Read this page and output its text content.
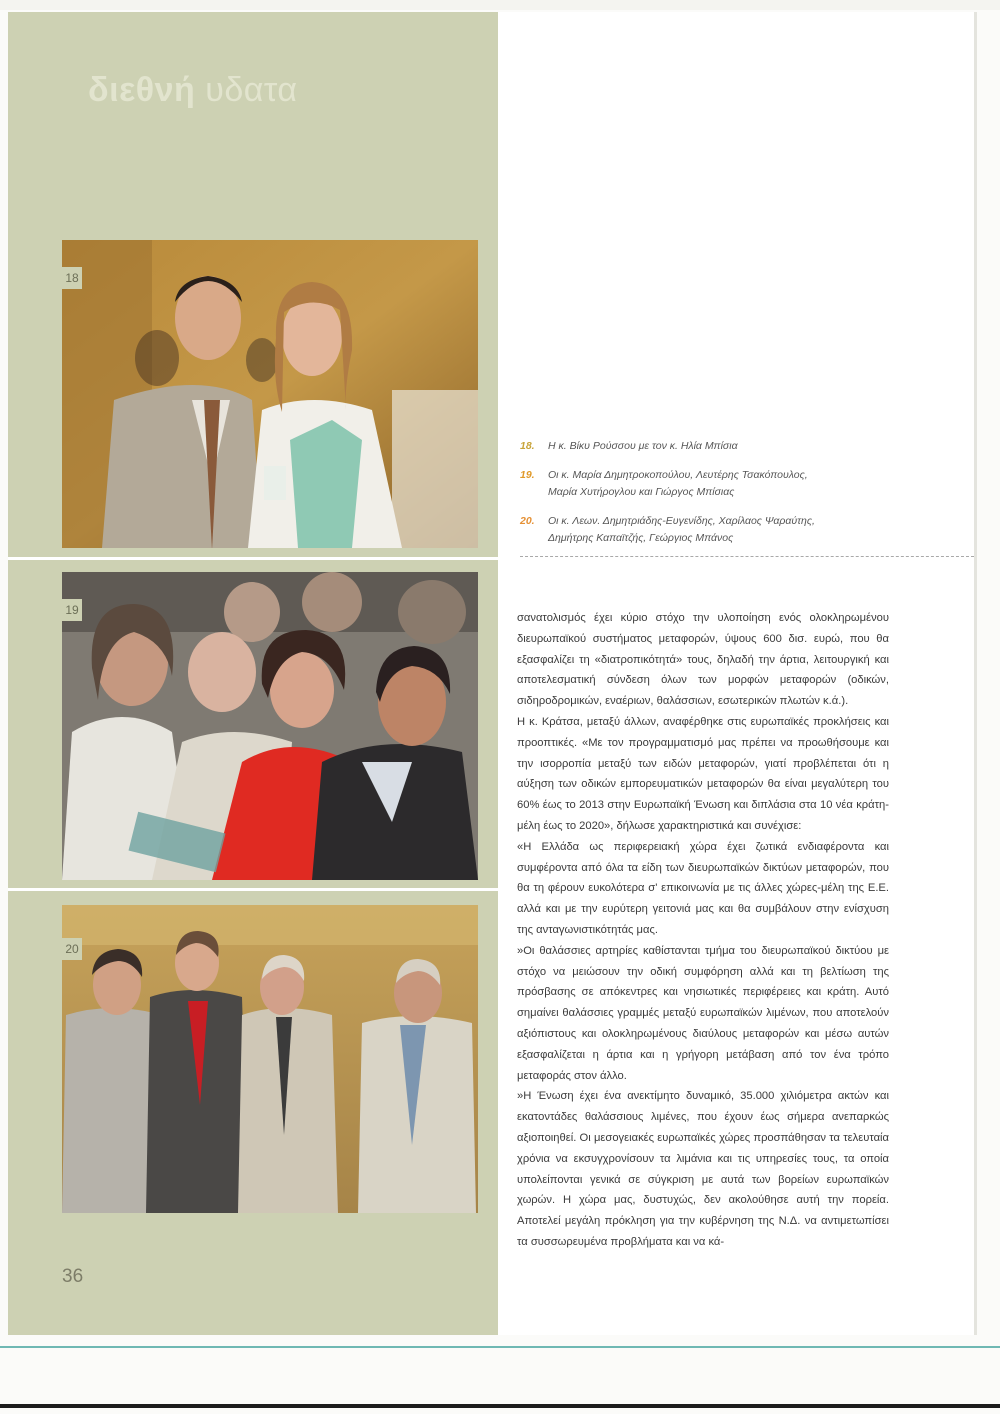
διεθνή υδατα
18
19
20
18. Η κ. Βίκυ Ρούσσου με τον κ. Ηλία Μπίσια
19. Οι κ. Μαρία Δημητροκοπούλου, Λευτέρης Τσακόπουλος, Μαρία Χυτήρογλου και Γιώργος Μπίσιας
20. Οι κ. Λεων. Δημητριάδης-Ευγενίδης, Χαρίλαος Ψαραύτης, Δημήτρης Καπαϊτζής, Γεώργιος Μπάνος

σανατολισμός έχει κύριο στόχο την υλοποίηση ενός ολοκληρωμένου διευρωπαϊκού συστήματος μεταφορών, ύψους 600 δισ. ευρώ, που θα εξασφαλίζει τη «διατροπικότητά» τους, δηλαδή την άρτια, λειτουργική και αποτελεσματική σύνδεση όλων των μορφών μεταφορών (οδικών, σιδηροδρομικών, εναέριων, θαλάσσιων, εσωτερικών πλωτών κ.ά.).

Η κ. Κράτσα, μεταξύ άλλων, αναφέρθηκε στις ευρωπαϊκές προκλήσεις και προοπτικές. «Με τον προγραμματισμό μας πρέπει να προωθήσουμε και την ισορροπία μεταξύ των ειδών μεταφορών, γιατί προβλέπεται ότι η αύξηση των οδικών εμπορευματικών μεταφορών θα είναι μεγαλύτερη του 60% έως το 2013 στην Ευρωπαϊκή Ένωση και διπλάσια στα 10 νέα κράτη-μέλη έως το 2020», δήλωσε χαρακτηριστικά και συνέχισε:

«Η Ελλάδα ως περιφερειακή χώρα έχει ζωτικά ενδιαφέροντα και συμφέροντα από όλα τα είδη των διευρωπαϊκών δικτύων μεταφορών, που θα τη φέρουν ευκολότερα σ' επικοινωνία με τις άλλες χώρες-μέλη της Ε.Ε. αλλά και με την ευρύτερη γειτονιά μας και θα συμβάλουν στην ενίσχυση της ανταγωνιστικότητάς μας.

»Οι θαλάσσιες αρτηρίες καθίστανται τμήμα του διευρωπαϊκού δικτύου με στόχο να μειώσουν την οδική συμφόρηση αλλά και τη βελτίωση της πρόσβασης σε απόκεντρες και νησιωτικές περιφέρειες και κράτη. Αυτό σημαίνει θαλάσσιες γραμμές μεταξύ ευρωπαϊκών λιμένων, που αποτελούν αξιόπιστους και ολοκληρωμένους διαύλους μεταφορών και μέσω αυτών εξασφαλίζεται η άρτια και η γρήγορη μετάβαση από τον ένα τρόπο μεταφοράς στον άλλο.

»Η Ένωση έχει ένα ανεκτίμητο δυναμικό, 35.000 χιλιόμετρα ακτών και εκατοντάδες θαλάσσιους λιμένες, που έχουν έως σήμερα ανεπαρκώς αξιοποιηθεί. Οι μεσογειακές ευρωπαϊκές χώρες προσπάθησαν τα τελευταία χρόνια να εκσυγχρονίσουν τα λιμάνια και τις υπηρεσίες τους, τα οποία υπολείπονται γενικά σε σύγκριση με αυτά των βορείων ευρωπαϊκών χωρών. Η χώρα μας, δυστυχώς, δεν ακολούθησε αυτή την πορεία. Αποτελεί μεγάλη πρόκληση για την κυβέρνηση της Ν.Δ. να αντιμετωπίσει τα συσσωρευμένα προβλήματα και να κά-

36
